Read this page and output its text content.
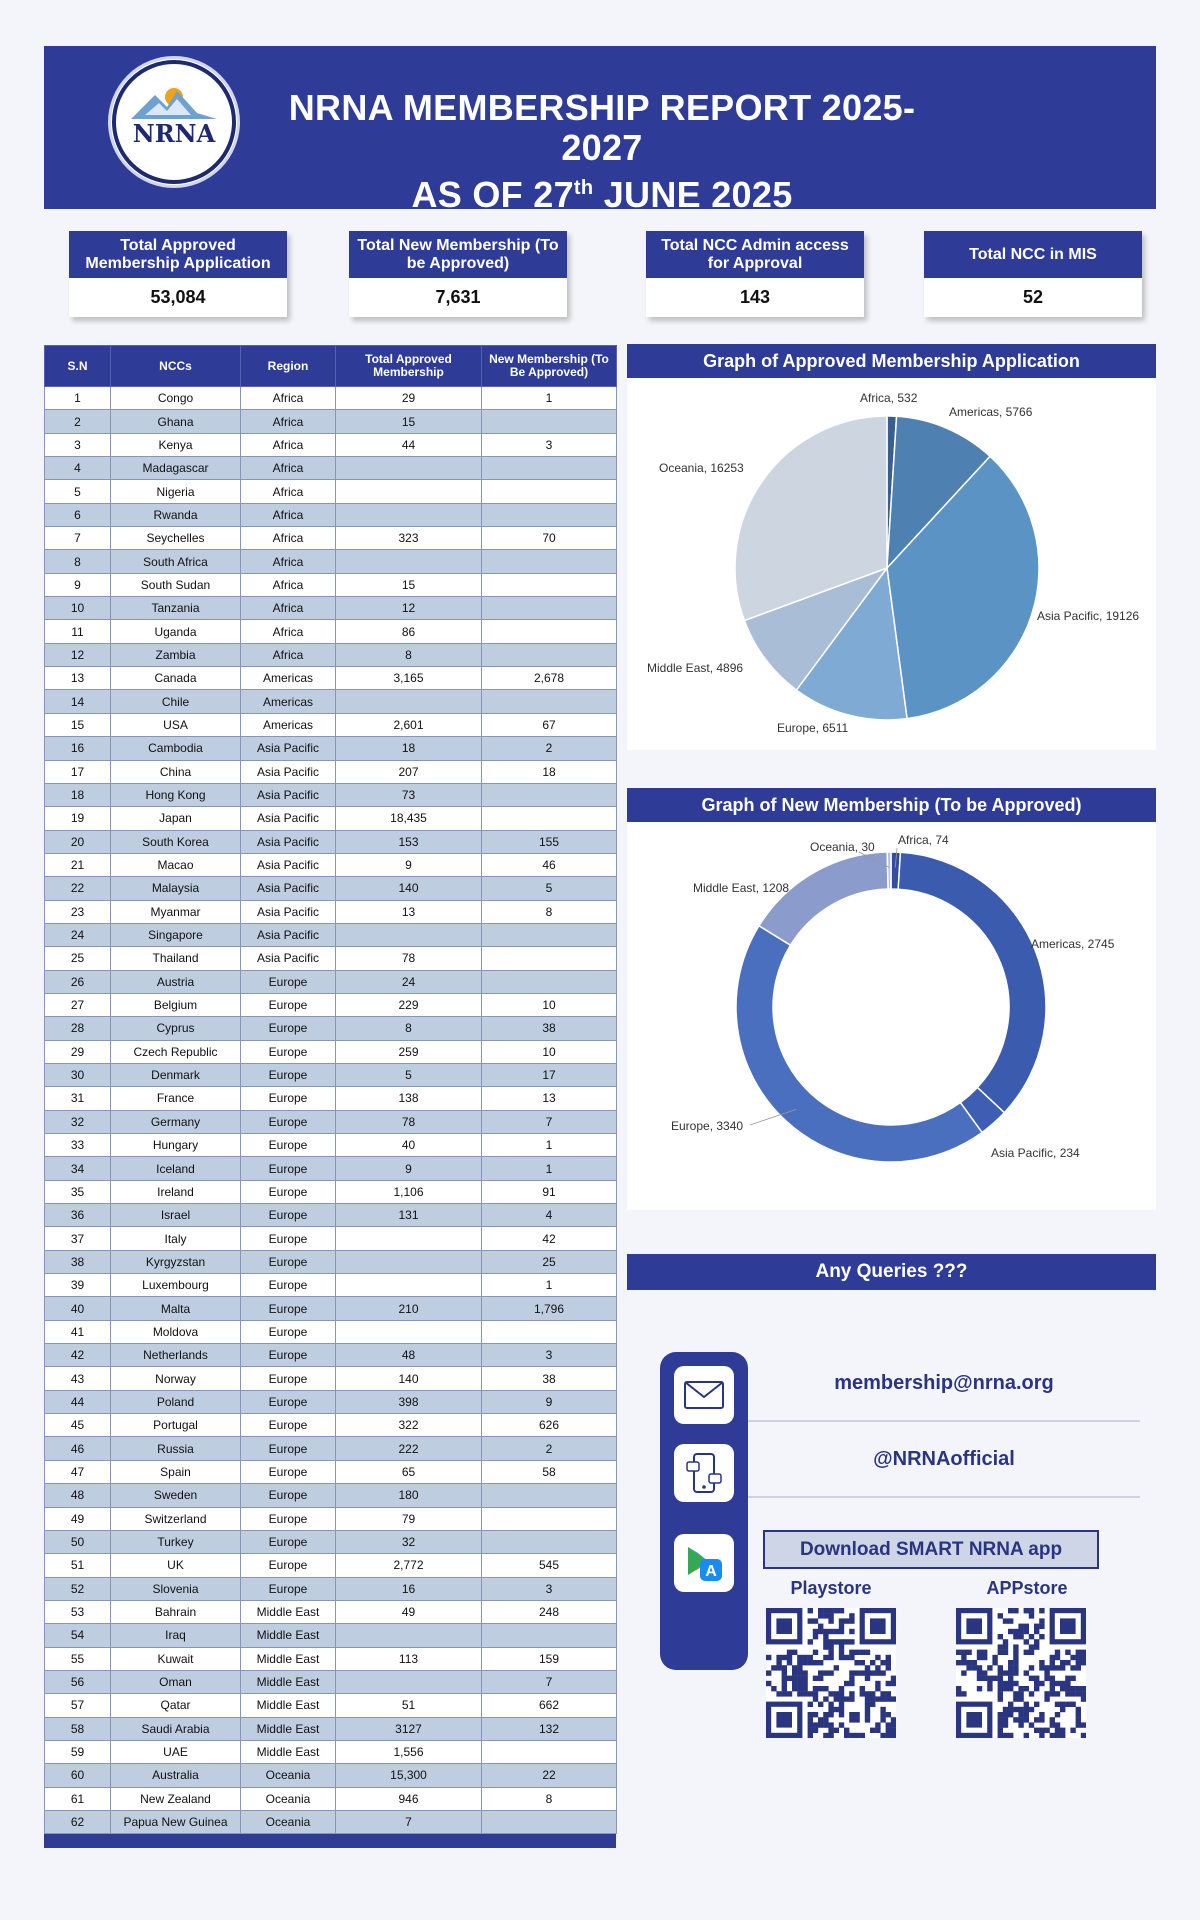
NRNA
NRNA MEMBERSHIP REPORT 2025-2027
AS OF 27th JUNE 2025
Total Approved Membership Application
53,084
Total New Membership (To be Approved)
7,631
Total NCC Admin access for Approval
143
Total NCC in MIS
52
S.N	NCCs	Region	Total Approved Membership	New Membership (To Be Approved)
1	Congo	Africa	29	1
2	Ghana	Africa	15	
3	Kenya	Africa	44	3
4	Madagascar	Africa		
5	Nigeria	Africa		
6	Rwanda	Africa		
7	Seychelles	Africa	323	70
8	South Africa	Africa		
9	South Sudan	Africa	15	
10	Tanzania	Africa	12	
11	Uganda	Africa	86	
12	Zambia	Africa	8	
13	Canada	Americas	3,165	2,678
14	Chile	Americas		
15	USA	Americas	2,601	67
16	Cambodia	Asia Pacific	18	2
17	China	Asia Pacific	207	18
18	Hong Kong	Asia Pacific	73	
19	Japan	Asia Pacific	18,435	
20	South Korea	Asia Pacific	153	155
21	Macao	Asia Pacific	9	46
22	Malaysia	Asia Pacific	140	5
23	Myanmar	Asia Pacific	13	8
24	Singapore	Asia Pacific		
25	Thailand	Asia Pacific	78	
26	Austria	Europe	24	
27	Belgium	Europe	229	10
28	Cyprus	Europe	8	38
29	Czech Republic	Europe	259	10
30	Denmark	Europe	5	17
31	France	Europe	138	13
32	Germany	Europe	78	7
33	Hungary	Europe	40	1
34	Iceland	Europe	9	1
35	Ireland	Europe	1,106	91
36	Israel	Europe	131	4
37	Italy	Europe		42
38	Kyrgyzstan	Europe		25
39	Luxembourg	Europe		1
40	Malta	Europe	210	1,796
41	Moldova	Europe		
42	Netherlands	Europe	48	3
43	Norway	Europe	140	38
44	Poland	Europe	398	9
45	Portugal	Europe	322	626
46	Russia	Europe	222	2
47	Spain	Europe	65	58
48	Sweden	Europe	180	
49	Switzerland	Europe	79	
50	Turkey	Europe	32	
51	UK	Europe	2,772	545
52	Slovenia	Europe	16	3
53	Bahrain	Middle East	49	248
54	Iraq	Middle East		
55	Kuwait	Middle East	113	159
56	Oman	Middle East		7
57	Qatar	Middle East	51	662
58	Saudi Arabia	Middle East	3127	132
59	UAE	Middle East	1,556	
60	Australia	Oceania	15,300	22
61	New Zealand	Oceania	946	8
62	Papua New Guinea	Oceania	7	
Graph of Approved Membership Application
Africa, 532
Americas, 5766
Asia Pacific, 19126
Europe, 6511
Middle East, 4896
Oceania, 16253
Graph of New Membership (To be Approved)
Africa, 74
Americas, 2745
Asia Pacific, 234
Europe, 3340
Middle East, 1208
Oceania, 30
Any Queries ???
A
membership@nrna.org
@NRNAofficial
Download SMART NRNA app
Playstore	APPstore
